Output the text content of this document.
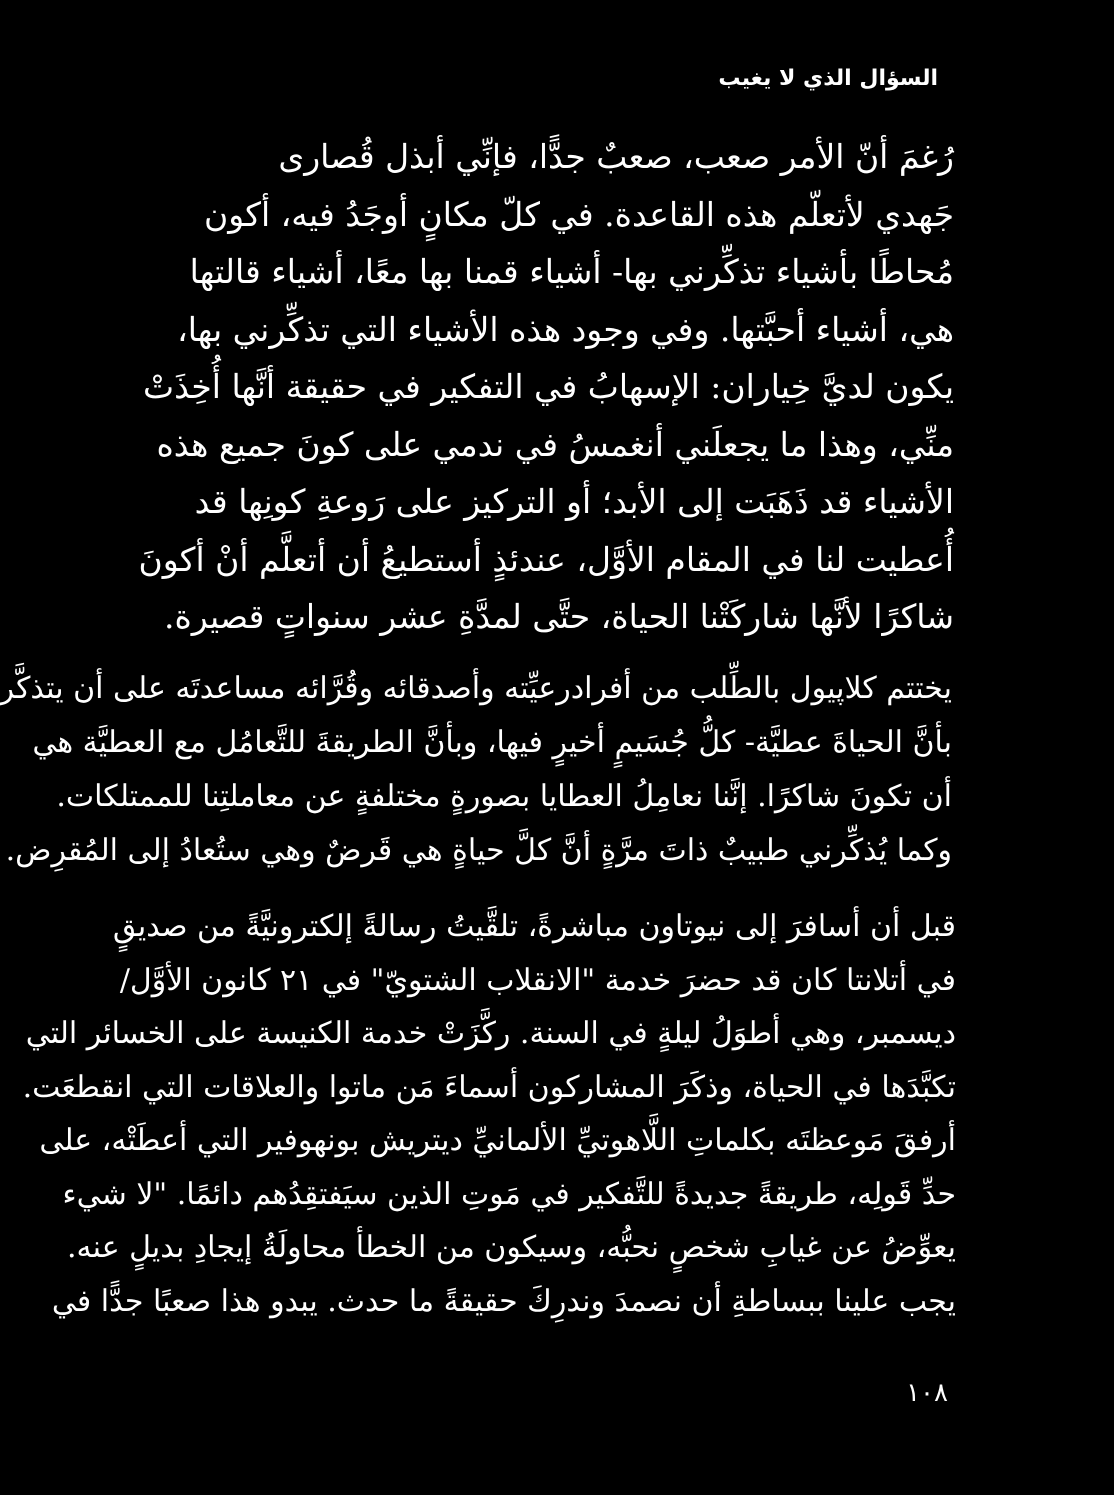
السؤال الذي لا يغيب

رُغمَ أنّ الأمر صعب، صعبٌ جدًّا، فإنِّي أبذل قُصارى
جَهدي لأتعلّم هذه القاعدة. في كلّ مكانٍ أوجَدُ فيه، أكون
مُحاطًا بأشياء تذكِّرني بها- أشياء قمنا بها معًا، أشياء قالتها
هي، أشياء أحبَّتها. وفي وجود هذه الأشياء التي تذكِّرني بها،
يكون لديَّ خِياران: الإسهابُ في التفكير في حقيقة أنَّها أُخِذَتْ
منِّي، وهذا ما يجعلَني أنغمسُ في ندمي على كونَ جميع هذه
الأشياء قد ذَهَبَت إلى الأبد؛ أو التركيز على رَوعةِ كونِها قد
أُعطيت لنا في المقام الأوَّل، عندئذٍ أستطيعُ أن أتعلَّم أنْ أكونَ
شاكرًا لأنَّها شاركَتْنا الحياة، حتَّى لمدَّةِ عشر سنواتٍ قصيرة.

يختتم كلاپيول بالطِّلب من أفرادرعيِّته وأصدقائه وقُرَّائه مساعدتَه على أن يتذكَّر
بأنَّ الحياةَ عطيَّة- كلُّ جُسَيمٍ أخيرٍ فيها، وبأنَّ الطريقةَ للتَّعامُل مع العطيَّة هي
أن تكونَ شاكرًا. إنَّنا نعامِلُ العطايا بصورةٍ مختلفةٍ عن معاملتِنا للممتلكات.
وكما يُذكِّرني طبيبٌ ذاتَ مرَّةٍ أنَّ كلَّ حياةٍ هي قَرضٌ وهي ستُعادُ إلى المُقرِض.

قبل أن أسافرَ إلى نيوتاون مباشرةً، تلقَّيتُ رسالةً إلكترونيَّةً من صديقٍ
في أتلانتا كان قد حضرَ خدمة "الانقلاب الشتويّ" في ٢١ كانون الأوَّل/
ديسمبر، وهي أطوَلُ ليلةٍ في السنة. ركَّزَتْ خدمة الكنيسة على الخسائر التي
تكبَّدَها في الحياة، وذكَرَ المشاركون أسماءَ مَن ماتوا والعلاقات التي انقطعَت.
أرفقَ مَوعظتَه بكلماتِ اللَّاهوتيِّ الألمانيِّ ديتريش بونهوفير التي أعطَتْه، على
حدِّ قَولِه، طريقةً جديدةً للتَّفكير في مَوتِ الذين سيَفتقِدُهم دائمًا. "لا شيء
يعوِّضُ عن غيابِ شخصٍ نحبُّه، وسيكون من الخطأ محاولَةُ إيجادِ بديلٍ عنه.
يجب علينا ببساطةِ أن نصمدَ وندرِكَ حقيقةً ما حدث. يبدو هذا صعبًا جدًّا في

١٠٨
